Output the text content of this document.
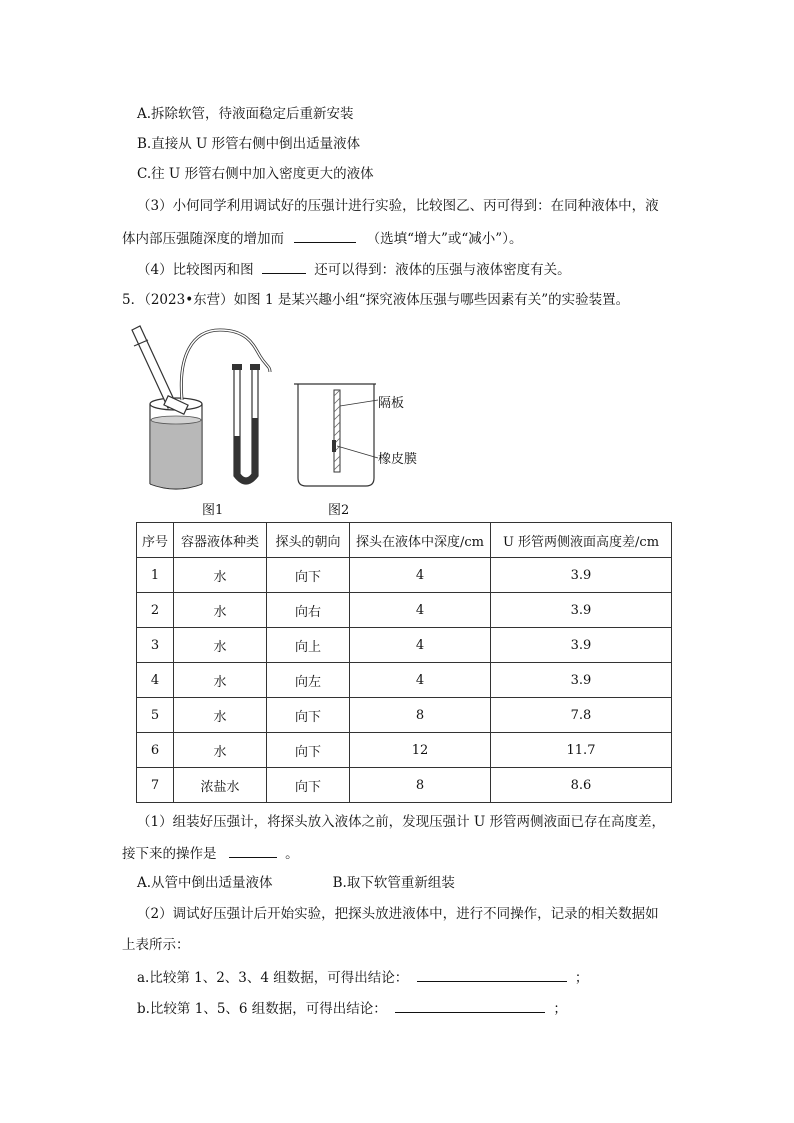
A.拆除软管，待液面稳定后重新安装
B.直接从 U 形管右侧中倒出适量液体
C.往 U 形管右侧中加入密度更大的液体
（3）小何同学利用调试好的压强计进行实验，比较图乙、丙可得到：在同种液体中，液
体内部压强随深度的增加而	（选填“增大”或“减小”）。
（4）比较图丙和图	还可以得到：液体的压强与液体密度有关。
5．（2023•东营）如图 1 是某兴趣小组“探究液体压强与哪些因素有关”的实验装置。
隔板
橡皮膜
图1	图2
序号	容器液体种类	探头的朝向	探头在液体中深度/cm	U 形管两侧液面高度差/cm
1	水	向下	4	3.9
2	水	向右	4	3.9
3	水	向上	4	3.9
4	水	向左	4	3.9
5	水	向下	8	7.8
6	水	向下	12	11.7
7	浓盐水	向下	8	8.6
（1）组装好压强计，将探头放入液体之前，发现压强计 U 形管两侧液面已存在高度差，
接下来的操作是	。
A.从管中倒出适量液体              B.取下软管重新组装
（2）调试好压强计后开始实验，把探头放进液体中，进行不同操作，记录的相关数据如
上表所示：
a.比较第 1、2、3、4 组数据，可得出结论：	；
b.比较第 1、5、6 组数据，可得出结论：	；
